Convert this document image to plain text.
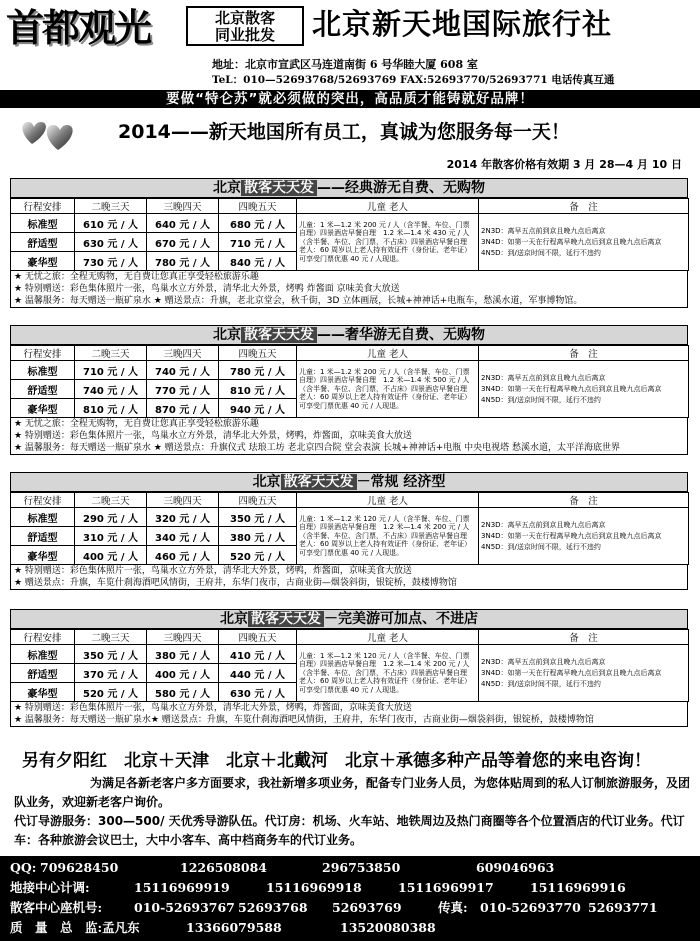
首都观光	北京散客
同业批发	北京新天地国际旅行社
地址：北京市宣武区马连道南街 6 号华睦大厦 608 室
TeL：010—52693768/52693769 FAX:52693770/52693771 电话传真互通
要做“特仑苏”就必须做的突出，高品质才能铸就好品牌！
2014——新天地国所有员工，真诚为您服务每一天！
2014 年散客价格有效期 3 月 28—4 月 10 日
北京 散客天天发 ——经典游无自费、无购物
行程安排	二晚三天	三晚四天	四晚五天	儿童 老人	备　注
标准型	610 元 / 人	640 元 / 人	680 元 / 人	儿童：1 米—1.2 米 200 元 / 人（含半餐、车位、门票自理）四景酒店早餐自理　1.2 米—1.4 米 430 元 / 人（含半餐、车位、含门票，不占床）四景酒店早餐自理　老人：60 周岁以上老人持有效证件（身份证、老年证）可享受门票优惠 40 元 / 人现退。	2N3D：离早五点前到京且晚九点后离京
3N4D：如第一天在行程离早晚九点后到京且晚九点后离京
4N5D：到/送京时间不限，延行不违约

舒适型	630 元 / 人	670 元 / 人	710 元 / 人		
豪华型	730 元 / 人	780 元 / 人	840 元 / 人		
★ 无忧之旅：全程无购物，无自费让您真正享受轻松旅游乐趣
★ 特别赠送：彩色集体照片一张，鸟巢水立方外景，清华北大外景，烤鸭 炸酱面 京味美食大放送
★ 温馨服务：每天赠送一瓶矿泉水 ★ 赠送景点：升旗，老北京堂会，秋千街，3D 立体画展，长城+神神话+电瓶车，愁溪水道，军事博物馆。
北京 散客天天发 ——奢华游无自费、无购物
行程安排	二晚三天	三晚四天	四晚五天	儿童 老人	备　注
标准型	710 元 / 人	740 元 / 人	780 元 / 人	儿童：1 米—1.2 米 200 元 / 人（含半餐、车位、门票自理）四景酒店早餐自理　1.2 米—1.4 米 500 元 / 人（含半餐、车位、含门票，不占床）四景酒店早餐自理　老人：60 周岁以上老人持有效证件（身份证、老年证）可享受门票优惠 40 元 / 人现退。	2N3D：离早五点前到京且晚九点后离京
3N4D：如第一天在行程离早晚九点后到京且晚九点后离京
4N5D：到/送京时间不限，延行不违约

舒适型	740 元 / 人	770 元 / 人	810 元 / 人		
豪华型	810 元 / 人	870 元 / 人	940 元 / 人		
★ 无忧之旅：全程无购物，无自费让您真正享受轻松旅游乐趣
★ 特别赠送：彩色集体照片一张，鸟巢水立方外景，清华北大外景，烤鸭，炸酱面，京味美食大放送
★ 温馨服务：每天赠送一瓶矿泉水 ★ 赠送景点：升旗仪式 珐琅工坊 老北京四合院 堂会表演 长城+神神话+电瓶 中央电视塔 愁溪水道，太平洋海底世界
北京 散客天天发 －常规 经济型
行程安排	二晚三天	三晚四天	四晚五天	儿童 老人	备　注
标准型	290 元 / 人	320 元 / 人	350 元 / 人	儿童：1 米—1.2 米 120 元 / 人（含半餐、车位、门票自理）四景酒店早餐自理　1.2 米—1.4 米 200 元 / 人（含半餐、车位、含门票，不占床）四景酒店早餐自理　老人：60 周岁以上老人持有效证件（身份证、老年证）可享受门票优惠 40 元 / 人现退。	2N3D：离早五点前到京且晚九点后离京
3N4D：如第一天在行程离早晚九点后到京且晚九点后离京
4N5D：到/送京时间不限，延行不违约

舒适型	310 元 / 人	340 元 / 人	380 元 / 人		
豪华型	400 元 / 人	460 元 / 人	520 元 / 人		
★ 特别赠送：彩色集体照片一张，鸟巢水立方外景，清华北大外景，烤鸭，炸酱面，京味美食大放送
★ 赠送景点：升旗，车览什刹海酒吧风情街，王府井，东华门夜市，古商业街—烟袋斜街，银锭桥，鼓楼博物馆
北京 散客天天发 －完美游可加点、不进店
行程安排	二晚三天	三晚四天	四晚五天	儿童 老人	备　注
标准型	350 元 / 人	380 元 / 人	410 元 / 人	儿童：1 米—1.2 米 120 元 / 人（含半餐、车位、门票自理）四景酒店早餐自理　1.2 米—1.4 米 200 元 / 人（含半餐、车位、含门票，不占床）四景酒店早餐自理　老人：60 周岁以上老人持有效证件（身份证、老年证）可享受门票优惠 40 元 / 人现退。	2N3D：离早五点前到京且晚九点后离京
3N4D：如第一天在行程离早晚九点后到京且晚九点后离京
4N5D：到/送京时间不限，延行不违约

舒适型	370 元 / 人	400 元 / 人	440 元 / 人		
豪华型	520 元 / 人	580 元 / 人	630 元 / 人		
★ 特别赠送：彩色集体照片一张，鸟巢水立方外景，清华北大外景，烤鸭，炸酱面，京味美食大放送
★ 温馨服务：每天赠送一瓶矿泉水★ 赠送景点：升旗，车览什刹海酒吧风情街，王府井，东华门夜市，古商业街—烟袋斜街，银锭桥，鼓楼博物馆
另有夕阳红　北京＋天津　北京＋北戴河　北京＋承德多种产品等着您的来电咨询！
为满足各新老客户多方面要求，我社新增多项业务，配备专门业务人员，为您体贴周到的私人订制旅游服务，及团队业务，欢迎新老客户询价。
代订导游服务：300—500/ 天优秀导游队伍。代订房：机场、火车站、地铁周边及热门商圈等各个位置酒店的代订业务。代订车：各种旅游会议巴士，大中小客车、高中档商务车的代订业务。
QQ: 709628450	1226508084	296753850	609046963
地接中心计调:	15116969919	15116969918	15116969917	15116969916
散客中心座机号:	010-52693767 52693768 52693769	传真: 010-52693770 52693771
质　量　总　监:孟凡东	13366079588	13520080388
